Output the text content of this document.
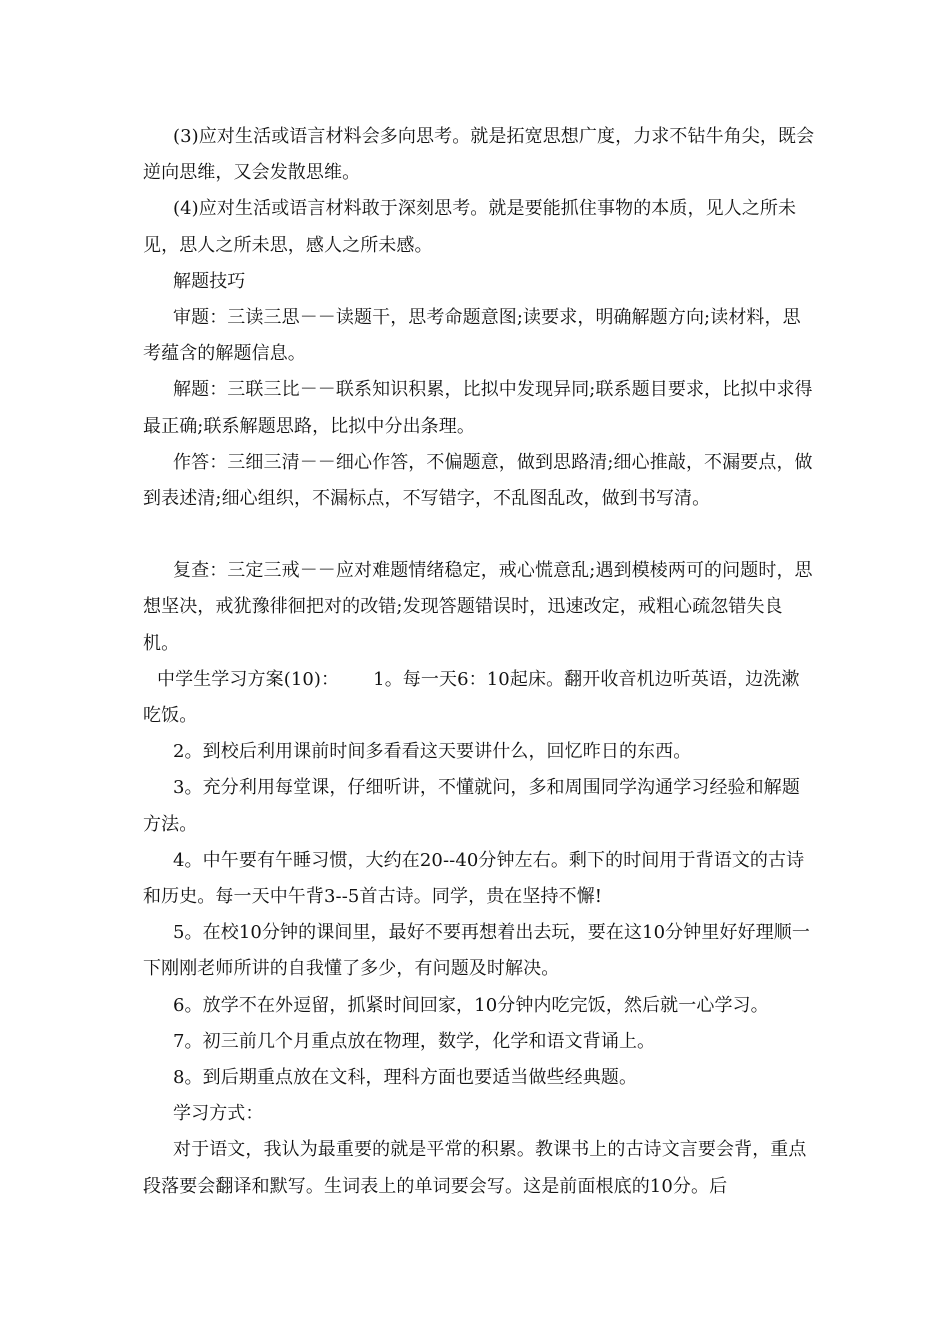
(3)应对生活或语言材料会多向思考。就是拓宽思想广度，力求不钻牛角尖，既会逆向思维，又会发散思维。

(4)应对生活或语言材料敢于深刻思考。就是要能抓住事物的本质，见人之所未见，思人之所未思，感人之所未感。

解题技巧

审题：三读三思－－读题干，思考命题意图;读要求，明确解题方向;读材料，思考蕴含的解题信息。

解题：三联三比－－联系知识积累，比拟中发现异同;联系题目要求，比拟中求得最正确;联系解题思路，比拟中分出条理。

作答：三细三清－－细心作答，不偏题意，做到思路清;细心推敲，不漏要点，做到表述清;细心组织，不漏标点，不写错字，不乱图乱改，做到书写清。

复查：三定三戒－－应对难题情绪稳定，戒心慌意乱;遇到模棱两可的问题时，思想坚决，戒犹豫徘徊把对的改错;发现答题错误时，迅速改定，戒粗心疏忽错失良机。

中学生学习方案(10)： 1。每一天6：10起床。翻开收音机边听英语，边洗漱吃饭。

2。到校后利用课前时间多看看这天要讲什么，回忆昨日的东西。

3。充分利用每堂课，仔细听讲，不懂就问，多和周围同学沟通学习经验和解题方法。

4。中午要有午睡习惯，大约在20--40分钟左右。剩下的时间用于背语文的古诗和历史。每一天中午背3--5首古诗。同学，贵在坚持不懈!

5。在校10分钟的课间里，最好不要再想着出去玩，要在这10分钟里好好理顺一下刚刚老师所讲的自我懂了多少，有问题及时解决。

6。放学不在外逗留，抓紧时间回家，10分钟内吃完饭，然后就一心学习。

7。初三前几个月重点放在物理，数学，化学和语文背诵上。

8。到后期重点放在文科，理科方面也要适当做些经典题。

学习方式：

对于语文，我认为最重要的就是平常的积累。教课书上的古诗文言要会背，重点段落要会翻译和默写。生词表上的单词要会写。这是前面根底的10分。后
